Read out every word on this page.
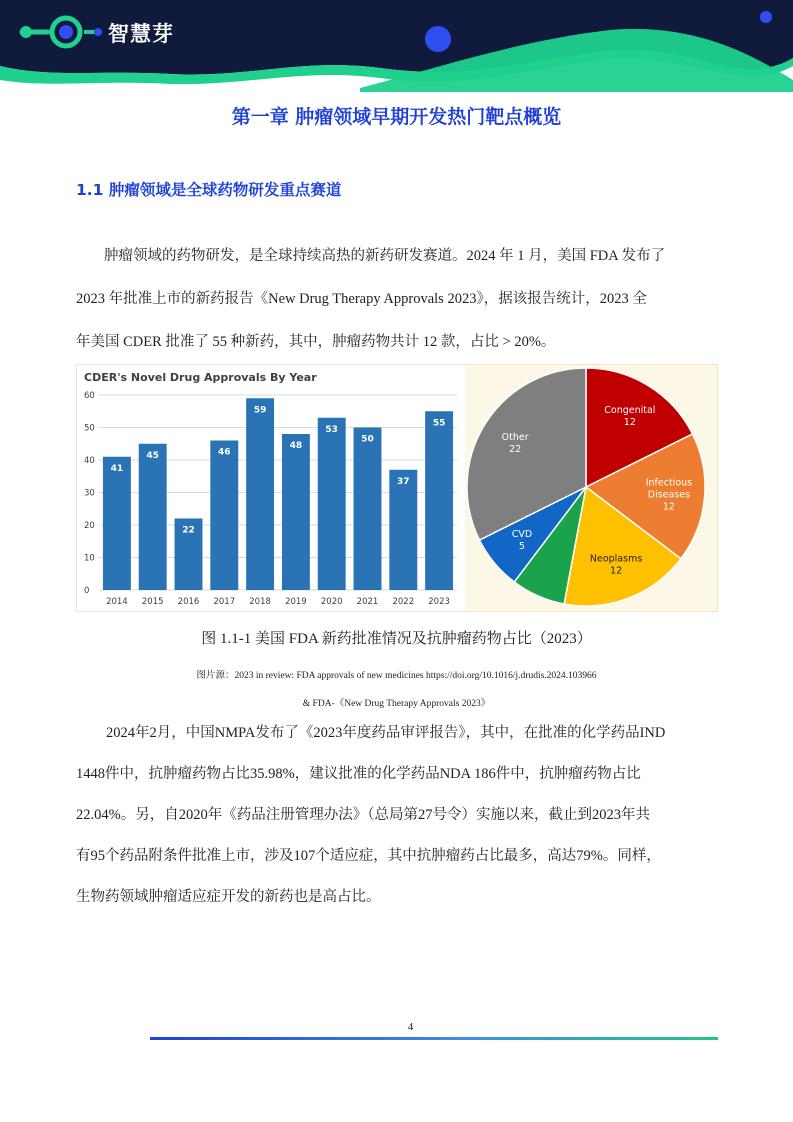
智慧芽
第一章 肿瘤领域早期开发热门靶点概览
1.1 肿瘤领域是全球药物研发重点赛道

肿瘤领域的药物研发，是全球持续高热的新药研发赛道。2024 年 1 月，美国 FDA 发布了

2023 年批准上市的新药报告《New Drug Therapy Approvals 2023》，据该报告统计，2023 全

年美国 CDER 批准了 55 种新药，其中，肿瘤药物共计 12 款，占比 > 20%。

CDER's Novel Drug Approvals By Year
0
10
20
30
40
50
60
41
2014
45
2015
22
2016
46
2017
59
2018
48
2019
53
2020
50
2021
37
2022
55
2023
Congenital 12
Infectious Diseases 12
Neoplasms 12
CVD 5
Other 22
图 1.1-1 美国 FDA 新药批准情况及抗肿瘤药物占比（2023）
图片源：2023 in review: FDA approvals of new medicines https://doi.org/10.1016/j.drudis.2024.103966
& FDA-《New Drug Therapy Approvals 2023》

2024年2月，中国NMPA发布了《2023年度药品审评报告》，其中，在批准的化学药品IND

1448件中，抗肿瘤药物占比35.98%，建议批准的化学药品NDA 186件中，抗肿瘤药物占比

22.04%。另，自2020年《药品注册管理办法》（总局第27号令）实施以来，截止到2023年共

有95个药品附条件批准上市，涉及107个适应症，其中抗肿瘤药占比最多，高达79%。同样，

生物药领域肿瘤适应症开发的新药也是高占比。

4
